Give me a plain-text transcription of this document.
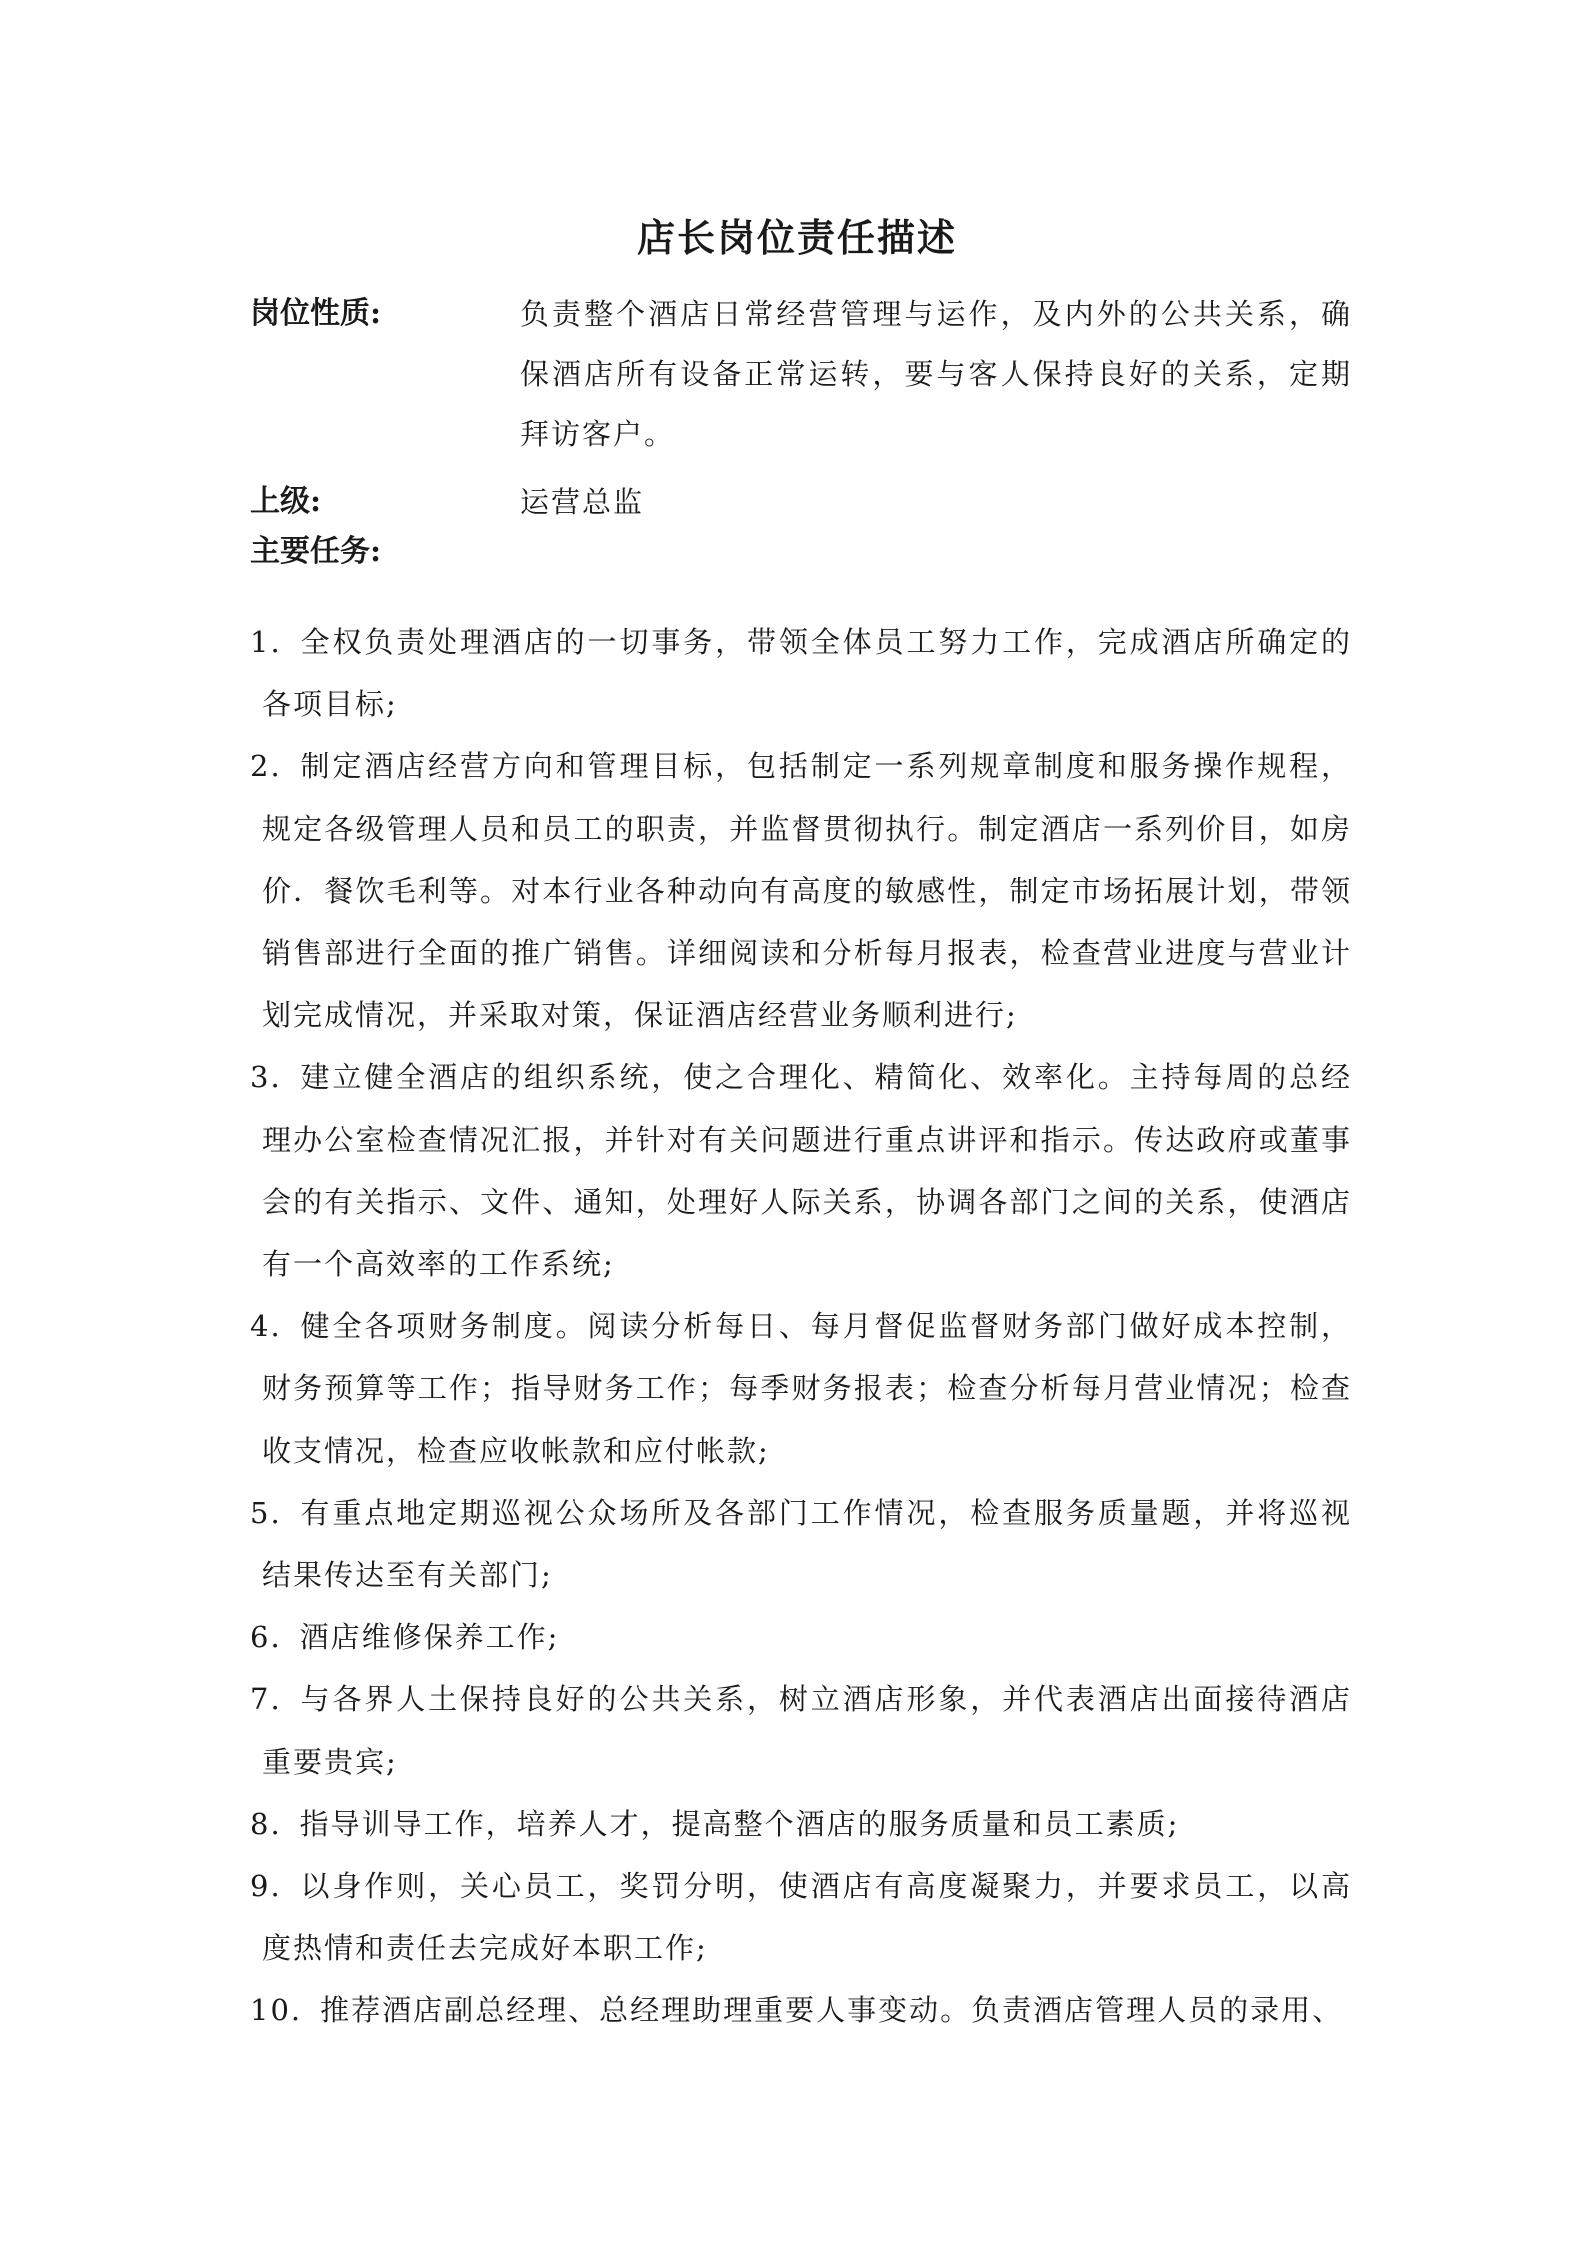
店长岗位责任描述
岗位性质:	负责整个酒店日常经营管理与运作，及内外的公共关系，确保酒店所有设备正常运转，要与客人保持良好的关系，定期拜访客户。
上级:	运营总监
主要任务:
1. 全权负责处理酒店的一切事务，带领全体员工努力工作，完成酒店所确定的各项目标;
2. 制定酒店经营方向和管理目标，包括制定一系列规章制度和服务操作规程，规定各级管理人员和员工的职责，并监督贯彻执行。制定酒店一系列价目，如房价．餐饮毛利等。对本行业各种动向有高度的敏感性，制定市场拓展计划，带领销售部进行全面的推广销售。详细阅读和分析每月报表，检查营业进度与营业计划完成情况，并采取对策，保证酒店经营业务顺利进行;
3. 建立健全酒店的组织系统，使之合理化、精简化、效率化。主持每周的总经理办公室检查情况汇报，并针对有关问题进行重点讲评和指示。传达政府或董事会的有关指示、文件、通知，处理好人际关系，协调各部门之间的关系，使酒店有一个高效率的工作系统;
4. 健全各项财务制度。阅读分析每日、每月督促监督财务部门做好成本控制，财务预算等工作；指导财务工作；每季财务报表；检查分析每月营业情况；检查收支情况，检查应收帐款和应付帐款;
5. 有重点地定期巡视公众场所及各部门工作情况，检查服务质量题，并将巡视结果传达至有关部门;
6. 酒店维修保养工作;
7. 与各界人土保持良好的公共关系，树立酒店形象，并代表酒店出面接待酒店重要贵宾;
8. 指导训导工作，培养人才，提高整个酒店的服务质量和员工素质;
9. 以身作则，关心员工，奖罚分明，使酒店有高度凝聚力，并要求员工，以高度热情和责任去完成好本职工作;
10. 推荐酒店副总经理、总经理助理重要人事变动。负责酒店管理人员的录用、
